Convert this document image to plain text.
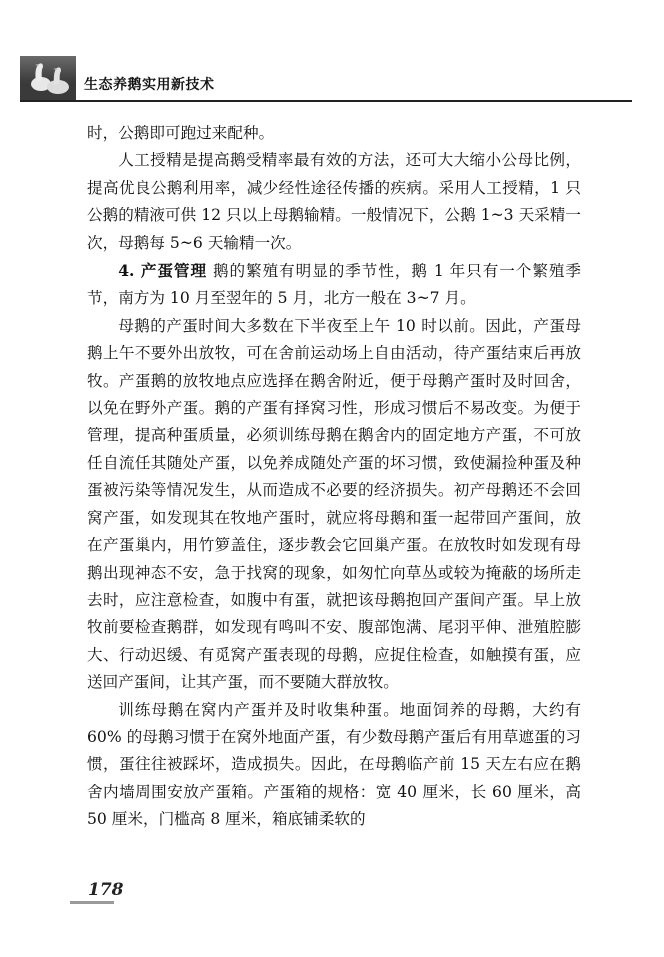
生态养鹅实用新技术

时，公鹅即可跑过来配种。

人工授精是提高鹅受精率最有效的方法，还可大大缩小公母比例，提高优良公鹅利用率，减少经性途径传播的疾病。采用人工授精，1 只公鹅的精液可供 12 只以上母鹅输精。一般情况下，公鹅 1~3 天采精一次，母鹅每 5~6 天输精一次。

4. 产蛋管理 鹅的繁殖有明显的季节性，鹅 1 年只有一个繁殖季节，南方为 10 月至翌年的 5 月，北方一般在 3~7 月。

母鹅的产蛋时间大多数在下半夜至上午 10 时以前。因此，产蛋母鹅上午不要外出放牧，可在舍前运动场上自由活动，待产蛋结束后再放牧。产蛋鹅的放牧地点应选择在鹅舍附近，便于母鹅产蛋时及时回舍，以免在野外产蛋。鹅的产蛋有择窝习性，形成习惯后不易改变。为便于管理，提高种蛋质量，必须训练母鹅在鹅舍内的固定地方产蛋，不可放任自流任其随处产蛋，以免养成随处产蛋的坏习惯，致使漏捡种蛋及种蛋被污染等情况发生，从而造成不必要的经济损失。初产母鹅还不会回窝产蛋，如发现其在牧地产蛋时，就应将母鹅和蛋一起带回产蛋间，放在产蛋巢内，用竹箩盖住，逐步教会它回巢产蛋。在放牧时如发现有母鹅出现神态不安，急于找窝的现象，如匆忙向草丛或较为掩蔽的场所走去时，应注意检查，如腹中有蛋，就把该母鹅抱回产蛋间产蛋。早上放牧前要检查鹅群，如发现有鸣叫不安、腹部饱满、尾羽平伸、泄殖腔膨大、行动迟缓、有觅窝产蛋表现的母鹅，应捉住检查，如触摸有蛋，应送回产蛋间，让其产蛋，而不要随大群放牧。

训练母鹅在窝内产蛋并及时收集种蛋。地面饲养的母鹅，大约有 60% 的母鹅习惯于在窝外地面产蛋，有少数母鹅产蛋后有用草遮蛋的习惯，蛋往往被踩坏，造成损失。因此，在母鹅临产前 15 天左右应在鹅舍内墙周围安放产蛋箱。产蛋箱的规格：宽 40 厘米，长 60 厘米，高 50 厘米，门槛高 8 厘米，箱底铺柔软的

178
